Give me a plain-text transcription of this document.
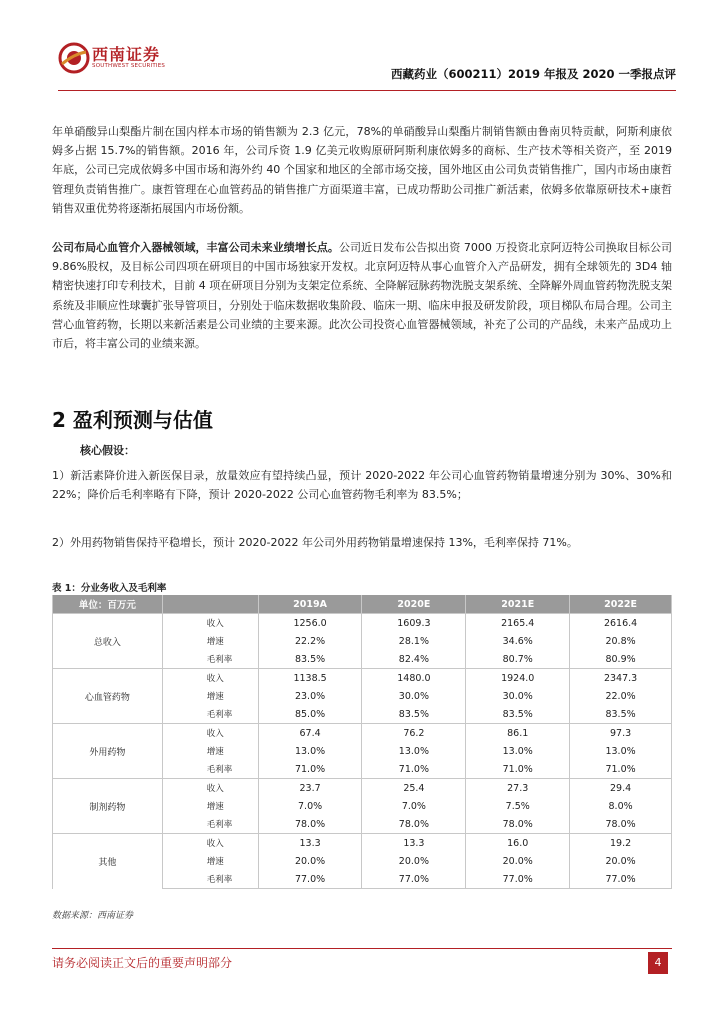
西南证券
SOUTHWEST SECURITIES
西藏药业（600211）2019 年报及 2020 一季报点评

年单硝酸异山梨酯片制在国内样本市场的销售额为 2.3 亿元，78%的单硝酸异山梨酯片制销售额由鲁南贝特贡献，阿斯利康依姆多占据 15.7%的销售额。2016 年，公司斥资 1.9 亿美元收购原研阿斯利康依姆多的商标、生产技术等相关资产，至 2019 年底，公司已完成依姆多中国市场和海外约 40 个国家和地区的全部市场交接，国外地区由公司负责销售推广，国内市场由康哲管理负责销售推广。康哲管理在心血管药品的销售推广方面渠道丰富，已成功帮助公司推广新活素，依姆多依靠原研技术+康哲销售双重优势将逐渐拓展国内市场份额。

公司布局心血管介入器械领域，丰富公司未来业绩增长点。公司近日发布公告拟出资 7000 万投资北京阿迈特公司换取目标公司 9.86%股权，及目标公司四项在研项目的中国市场独家开发权。北京阿迈特从事心血管介入产品研发，拥有全球领先的 3D4 轴精密快速打印专利技术，目前 4 项在研项目分别为支架定位系统、全降解冠脉药物洗脱支架系统、全降解外周血管药物洗脱支架系统及非顺应性球囊扩张导管项目，分别处于临床数据收集阶段、临床一期、临床申报及研发阶段，项目梯队布局合理。公司主营心血管药物，长期以来新活素是公司业绩的主要来源。此次公司投资心血管器械领域，补充了公司的产品线，未来产品成功上市后，将丰富公司的业绩来源。

2 盈利预测与估值
核心假设：

1）新活素降价进入新医保目录，放量效应有望持续凸显，预计 2020-2022 年公司心血管药物销量增速分别为 30%、30%和 22%；降价后毛利率略有下降，预计 2020-2022 公司心血管药物毛利率为 83.5%；

2）外用药物销售保持平稳增长，预计 2020-2022 年公司外用药物销量增速保持 13%，毛利率保持 71%。

表 1：分业务收入及毛利率
单位：百万元		2019A	2020E	2021E	2022E
总收入	收入	1256.0	1609.3	2165.4	2616.4
	增速	22.2%	28.1%	34.6%	20.8%
	毛利率	83.5%	82.4%	80.7%	80.9%
心血管药物	收入	1138.5	1480.0	1924.0	2347.3
	增速	23.0%	30.0%	30.0%	22.0%
	毛利率	85.0%	83.5%	83.5%	83.5%
外用药物	收入	67.4	76.2	86.1	97.3
	增速	13.0%	13.0%	13.0%	13.0%
	毛利率	71.0%	71.0%	71.0%	71.0%
制剂药物	收入	23.7	25.4	27.3	29.4
	增速	7.0%	7.0%	7.5%	8.0%
	毛利率	78.0%	78.0%	78.0%	78.0%
其他	收入	13.3	13.3	16.0	19.2
	增速	20.0%	20.0%	20.0%	20.0%
	毛利率	77.0%	77.0%	77.0%	77.0%
数据来源：西南证券
请务必阅读正文后的重要声明部分	4
